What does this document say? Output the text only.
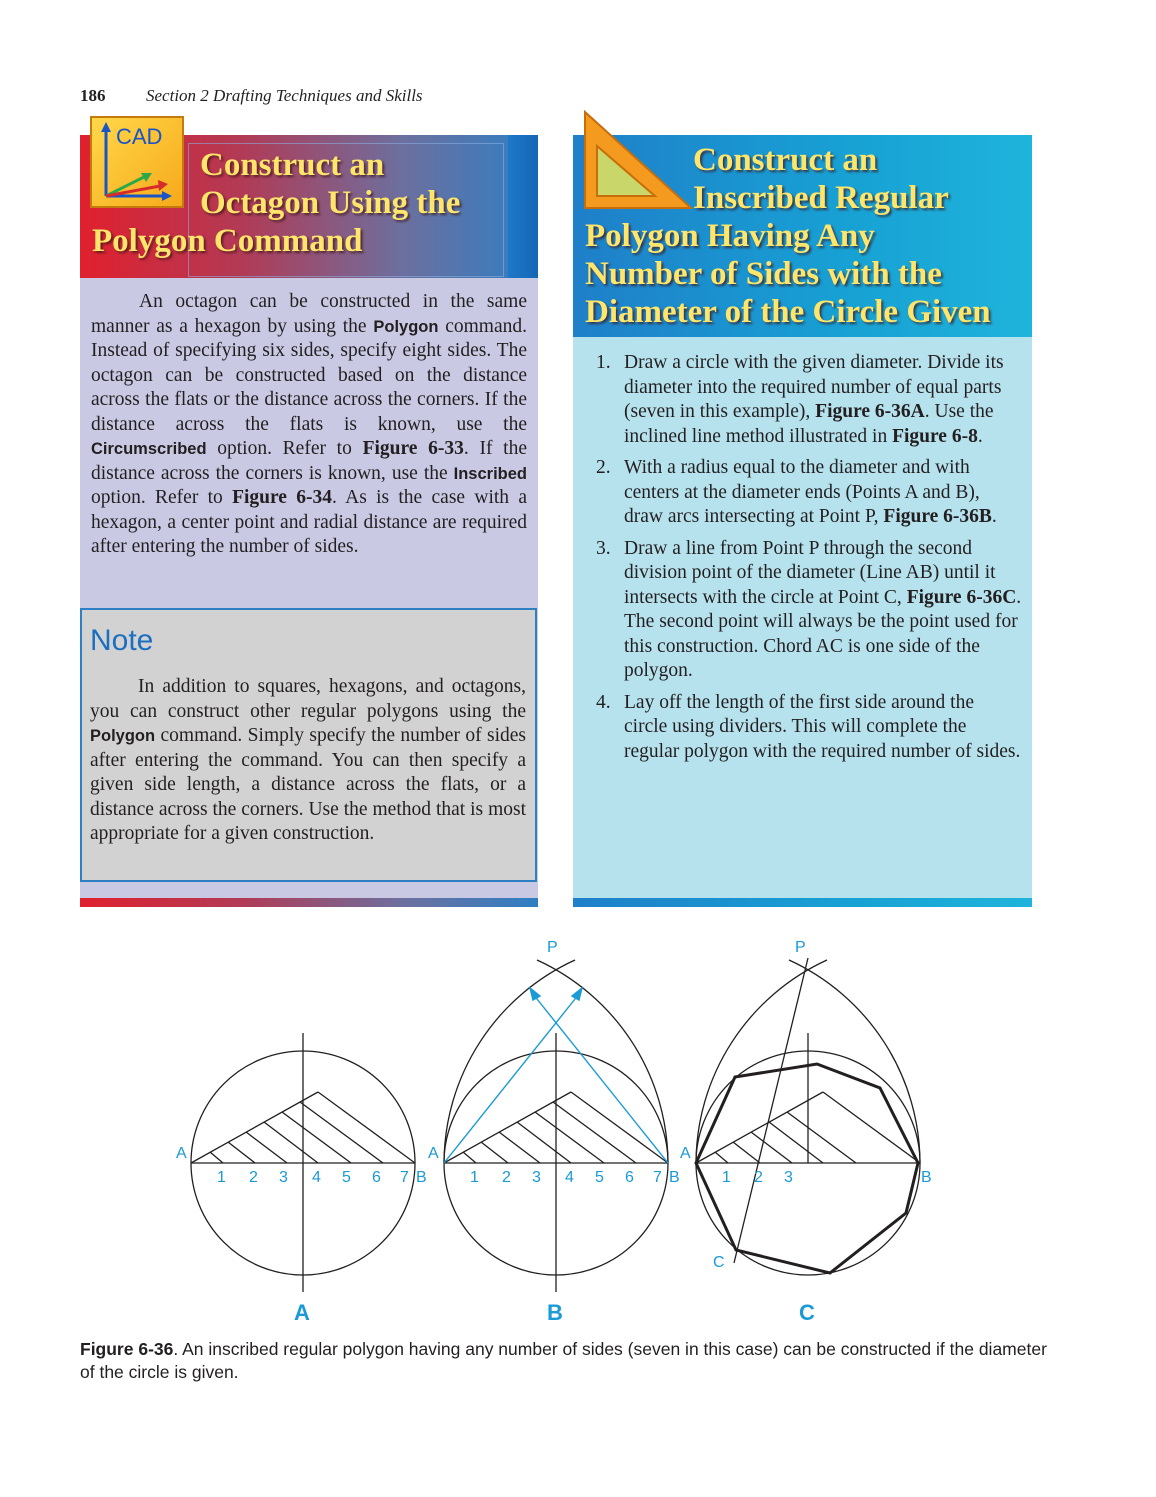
186 Section 2 Drafting Techniques and Skills
CAD
Construct an
Octagon Using the
Polygon Command
An octagon can be constructed in the same manner as a hexagon by using the Polygon command. Instead of specifying six sides, specify eight sides. The octagon can be constructed based on the distance across the flats or the distance across the corners. If the distance across the flats is known, use the Circumscribed option. Refer to Figure 6-33. If the distance across the corners is known, use the Inscribed option. Refer to Figure 6-34. As is the case with a hexagon, a center point and radial distance are required after entering the number of sides.
Note
In addition to squares, hexagons, and octagons, you can construct other regular polygons using the Polygon command. Simply specify the number of sides after entering the command. You can then specify a given side length, a distance across the flats, or a distance across the corners. Use the method that is most appropriate for a given construction.
Construct an
Inscribed Regular
Polygon Having Any
Number of Sides with the
Diameter of the Circle Given
1. Draw a circle with the given diameter. Divide its diameter into the required number of equal parts (seven in this example), Figure 6-36A. Use the inclined line method illustrated in Figure 6-8.
2. With a radius equal to the diameter and with centers at the diameter ends (Points A and B), draw arcs intersecting at Point P, Figure 6-36B.
3. Draw a line from Point P through the second division point of the diameter (Line AB) until it intersects with the circle at Point C, Figure 6-36C. The second point will always be the point used for this construction. Chord AC is one side of the polygon.
4. Lay off the length of the first side around the circle using dividers. This will complete the regular polygon with the required number of sides.
A
B
1 2 3 4 5 6 7
A
B
1 2 3 4 5 6 7
P
A
B
1 2 3
P
C
A	B	C
Figure 6-36. An inscribed regular polygon having any number of sides (seven in this case) can be constructed if the diameter of the circle is given.
